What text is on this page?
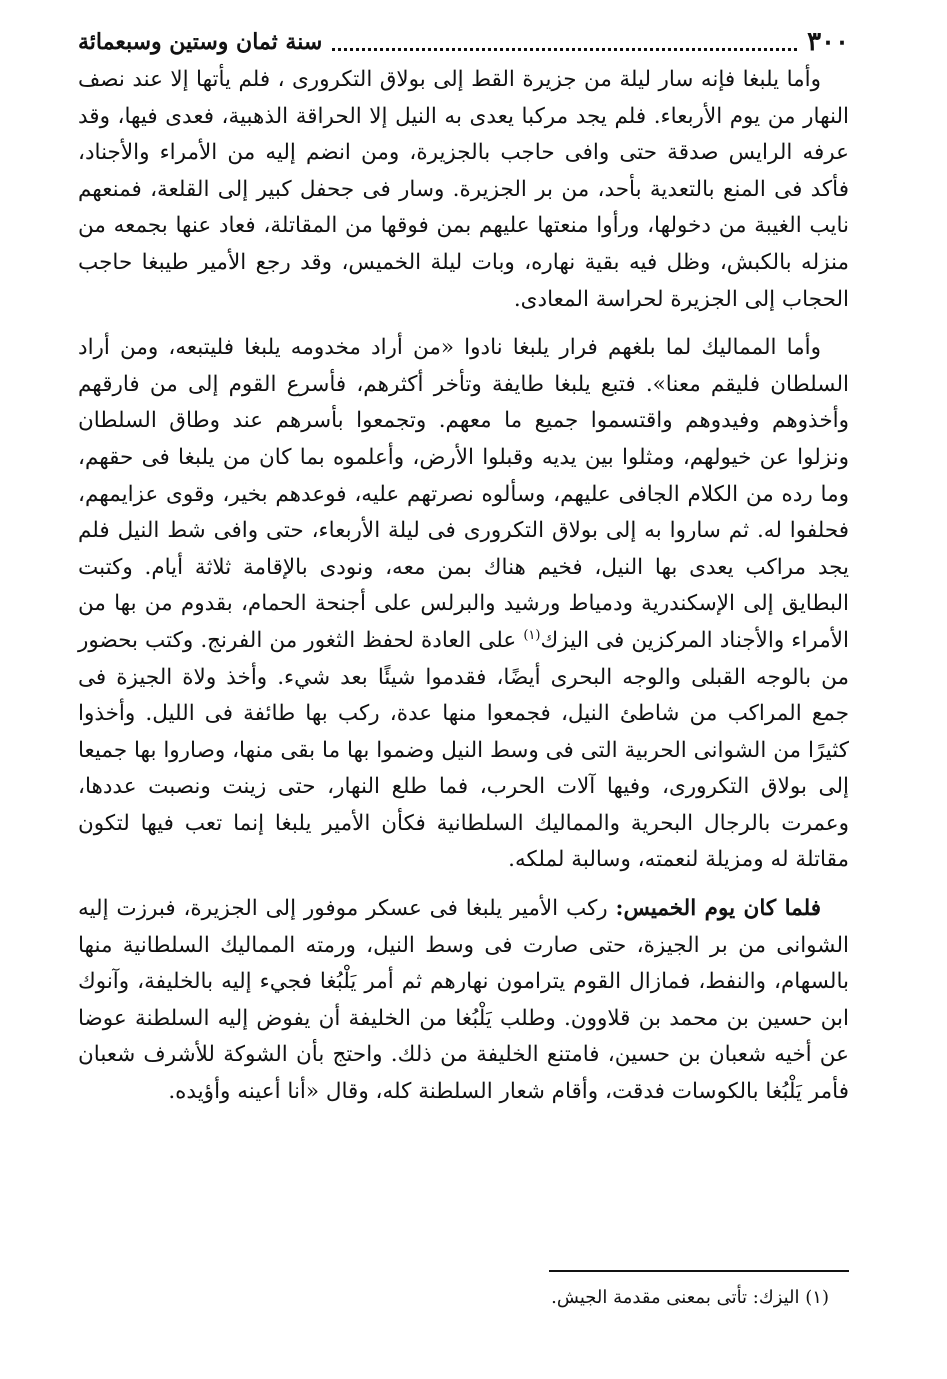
٣٠٠
سنة ثمان وستين وسبعمائة

وأما يلبغا فإنه سار ليلة من جزيرة القط إلى بولاق التكرورى ، فلم يأتها إلا عند نصف النهار من يوم الأربعاء. فلم يجد مركبا يعدى به النيل إلا الحراقة الذهبية، فعدى فيها، وقد عرفه الرايس صدقة حتى وافى حاجب بالجزيرة، ومن انضم إليه من الأمراء والأجناد، فأكد فى المنع بالتعدية بأحد، من بر الجزيرة. وسار فى جحفل كبير إلى القلعة، فمنعهم نايب الغيبة من دخولها، ورأوا منعتها عليهم بمن فوقها من المقاتلة، فعاد عنها بجمعه من منزله بالكبش، وظل فيه بقية نهاره، وبات ليلة الخميس، وقد رجع الأمير طيبغا حاجب الحجاب إلى الجزيرة لحراسة المعادى.

وأما المماليك لما بلغهم فرار يلبغا نادوا «من أراد مخدومه يلبغا فليتبعه، ومن أراد السلطان فليقم معنا». فتبع يلبغا طايفة وتأخر أكثرهم، فأسرع القوم إلى من فارقهم وأخذوهم وفيدوهم واقتسموا جميع ما معهم. وتجمعوا بأسرهم عند وطاق السلطان ونزلوا عن خيولهم، ومثلوا بين يديه وقبلوا الأرض، وأعلموه بما كان من يلبغا فى حقهم، وما رده من الكلام الجافى عليهم، وسألوه نصرتهم عليه، فوعدهم بخير، وقوى عزايمهم، فحلفوا له. ثم ساروا به إلى بولاق التكرورى فى ليلة الأربعاء، حتى وافى شط النيل فلم يجد مراكب يعدى بها النيل، فخيم هناك بمن معه، ونودى بالإقامة ثلاثة أيام. وكتبت البطايق إلى الإسكندرية ودمياط ورشيد والبرلس على أجنحة الحمام، بقدوم من بها من الأمراء والأجناد المركزين فى اليزك$^{(١)}$ على العادة لحفظ الثغور من الفرنج. وكتب بحضور من بالوجه القبلى والوجه البحرى أيضًا، فقدموا شيئًا بعد شيء. وأخذ ولاة الجيزة فى جمع المراكب من شاطئ النيل، فجمعوا منها عدة، ركب بها طائفة فى الليل. وأخذوا كثيرًا من الشوانى الحربية التى فى وسط النيل وضموا بها ما بقى منها، وصاروا بها جميعا إلى بولاق التكرورى، وفيها آلات الحرب، فما طلع النهار، حتى زينت ونصبت عددها، وعمرت بالرجال البحرية والمماليك السلطانية فكأن الأمير يلبغا إنما تعب فيها لتكون مقاتلة له ومزيلة لنعمته، وسالبة لملكه.

فلما كان يوم الخميس: ركب الأمير يلبغا فى عسكر موفور إلى الجزيرة، فبرزت إليه الشوانى من بر الجيزة، حتى صارت فى وسط النيل، ورمته المماليك السلطانية منها بالسهام، والنفط، فمازال القوم يترامون نهارهم ثم أمر يَلْبُغا فجيء إليه بالخليفة، وآنوك ابن حسين بن محمد بن قلاوون. وطلب يَلْبُغا من الخليفة أن يفوض إليه السلطنة عوضا عن أخيه شعبان بن حسين، فامتنع الخليفة من ذلك. واحتج بأن الشوكة للأشرف شعبان فأمر يَلْبُغا بالكوسات فدقت، وأقام شعار السلطنة كله، وقال «أنا أعينه وأؤيده.

(١) اليزك: تأتى بمعنى مقدمة الجيش.
